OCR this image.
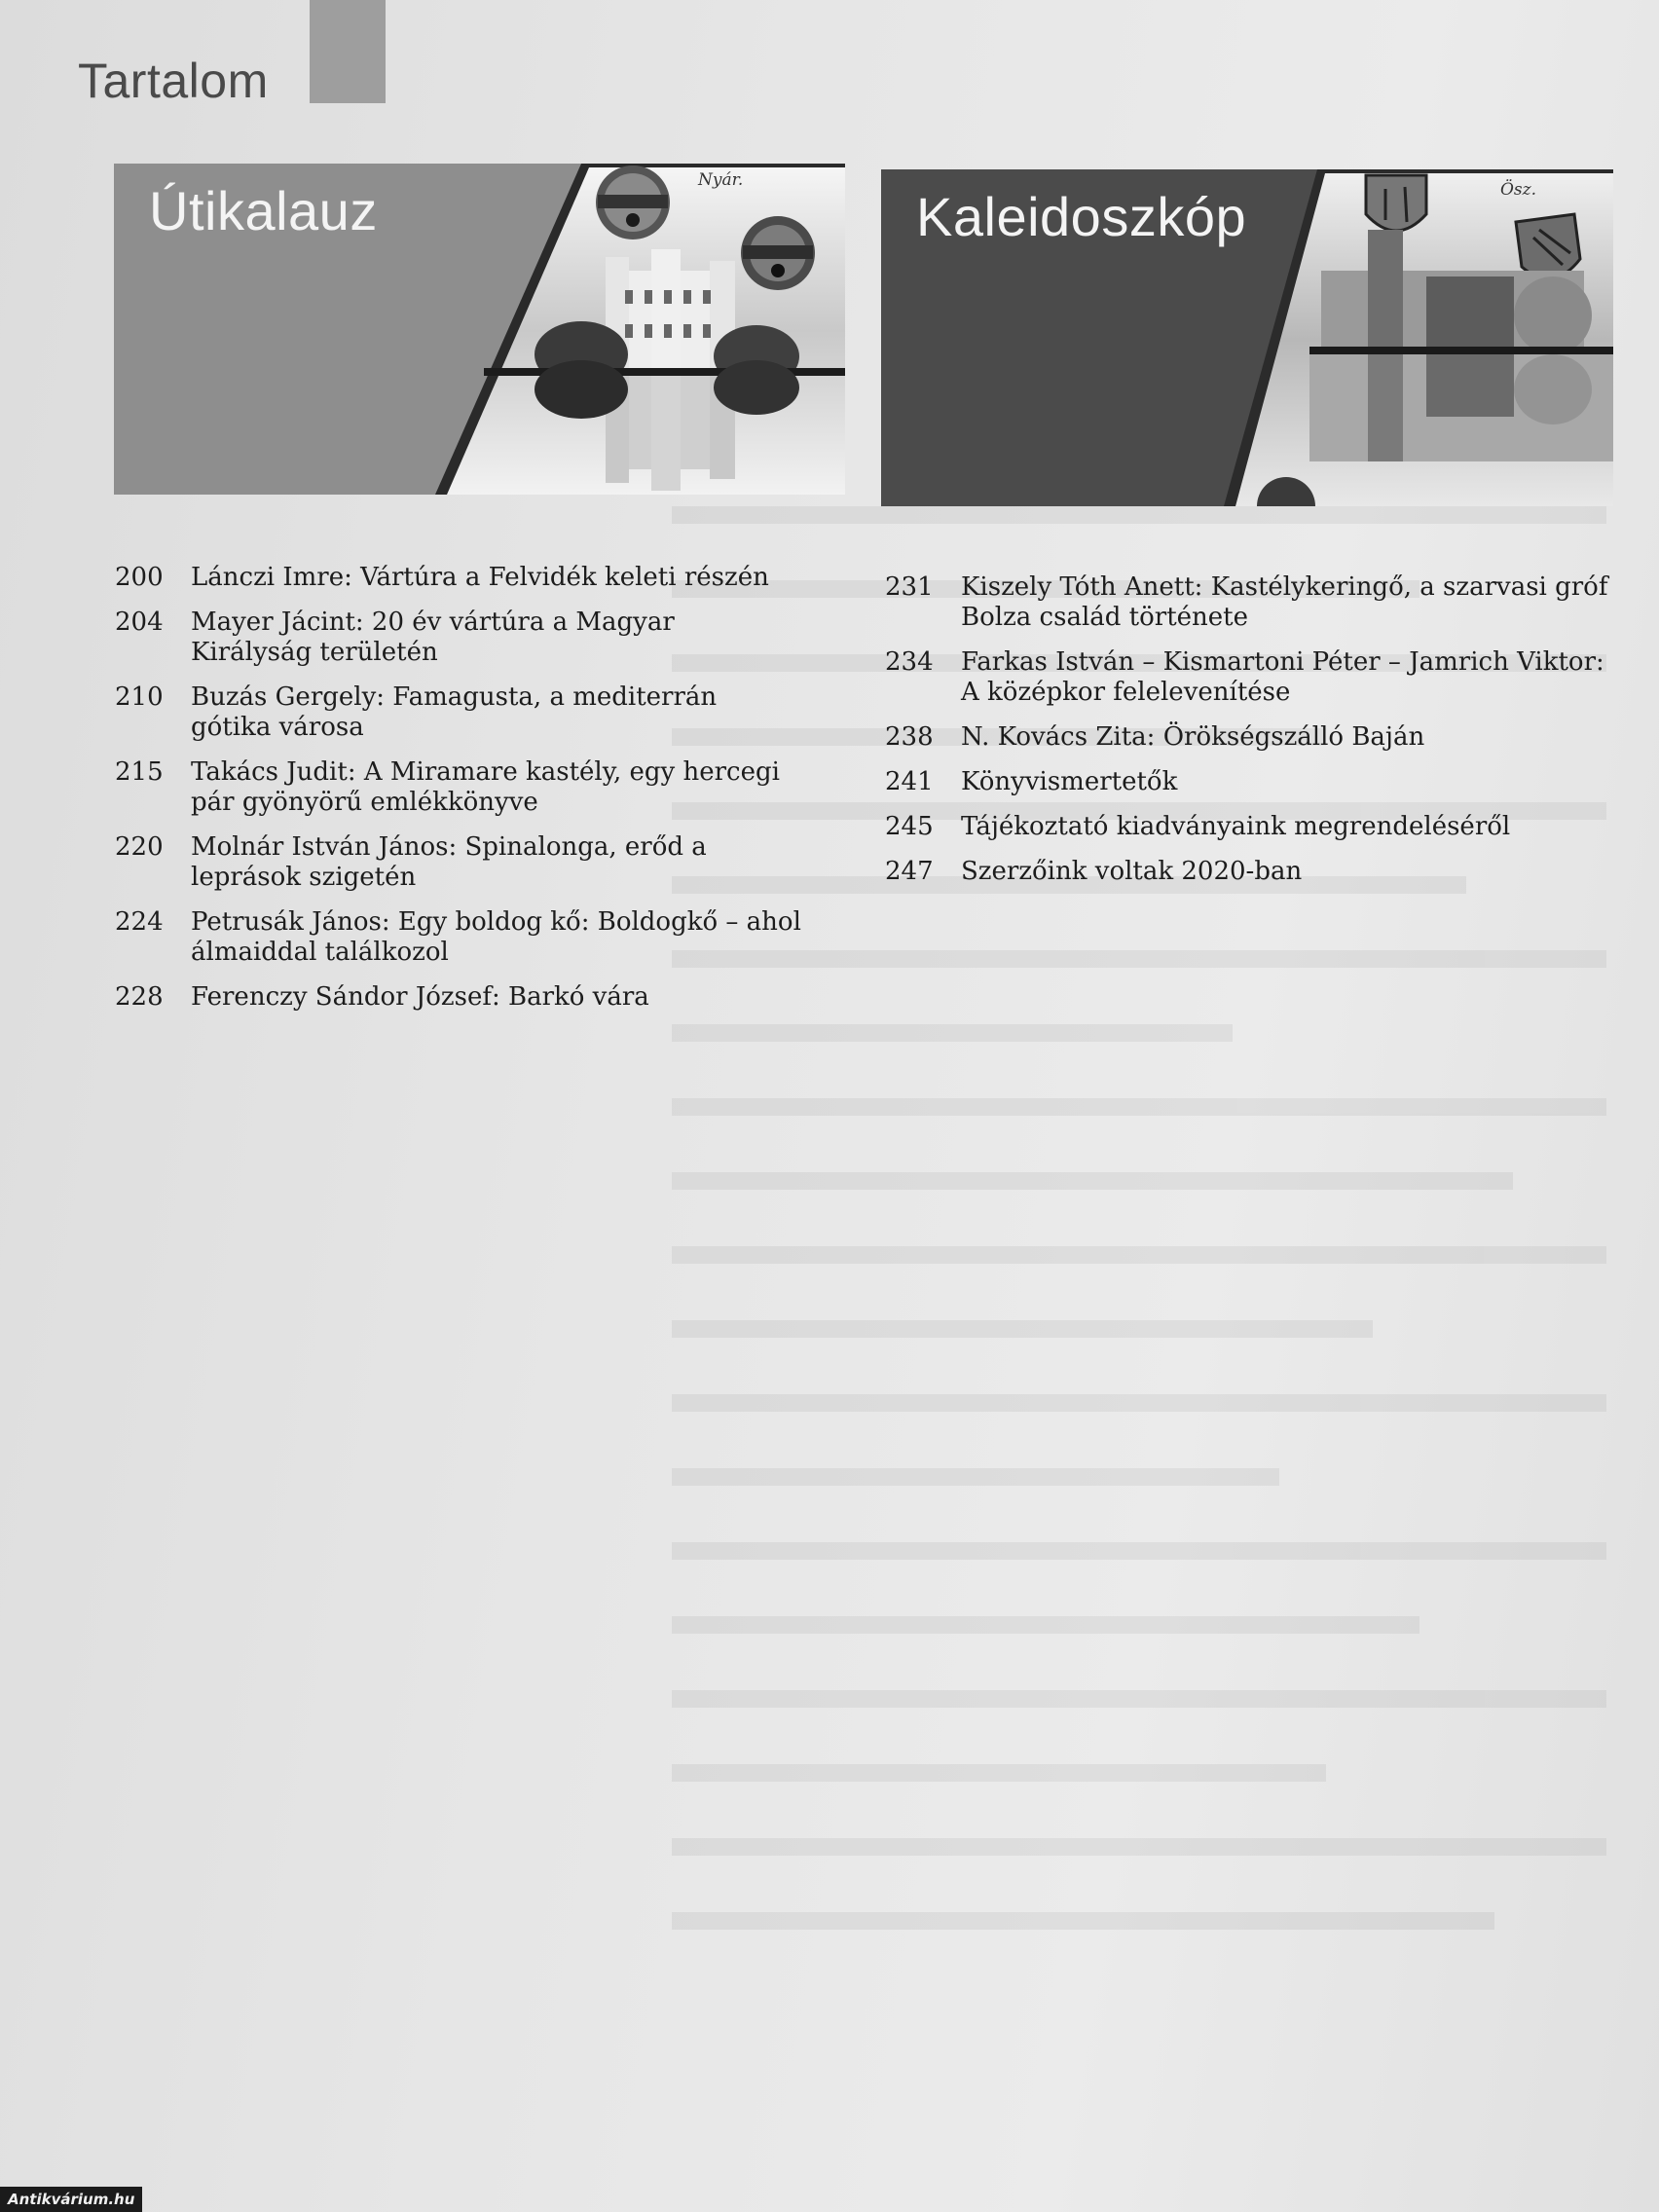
Tartalom
Nyár.
Útikalauz	Ösz.
Kaleidoszkóp
200 Lánczi Imre: Vártúra a Felvidék keleti részén
204 Mayer Jácint: 20 év vártúra a Magyar Királyság területén
210 Buzás Gergely: Famagusta, a mediterrán gótika városa
215 Takács Judit: A Miramare kastély, egy hercegi pár gyönyörű emlékkönyve
220 Molnár István János: Spinalonga, erőd a leprások szigetén
224 Petrusák János: Egy boldog kő: Boldogkő – ahol álmaiddal találkozol
228 Ferenczy Sándor József: Barkó vára
231 Kiszely Tóth Anett: Kastélykeringő, a szarvasi gróf Bolza család története
234 Farkas István – Kismartoni Péter – Jamrich Viktor: A középkor felelevenítése
238 N. Kovács Zita: Örökségszálló Baján
241 Könyvismertetők
245 Tájékoztató kiadványaink megrendeléséről
247 Szerzőink voltak 2020-ban
Antikvárium.hu
